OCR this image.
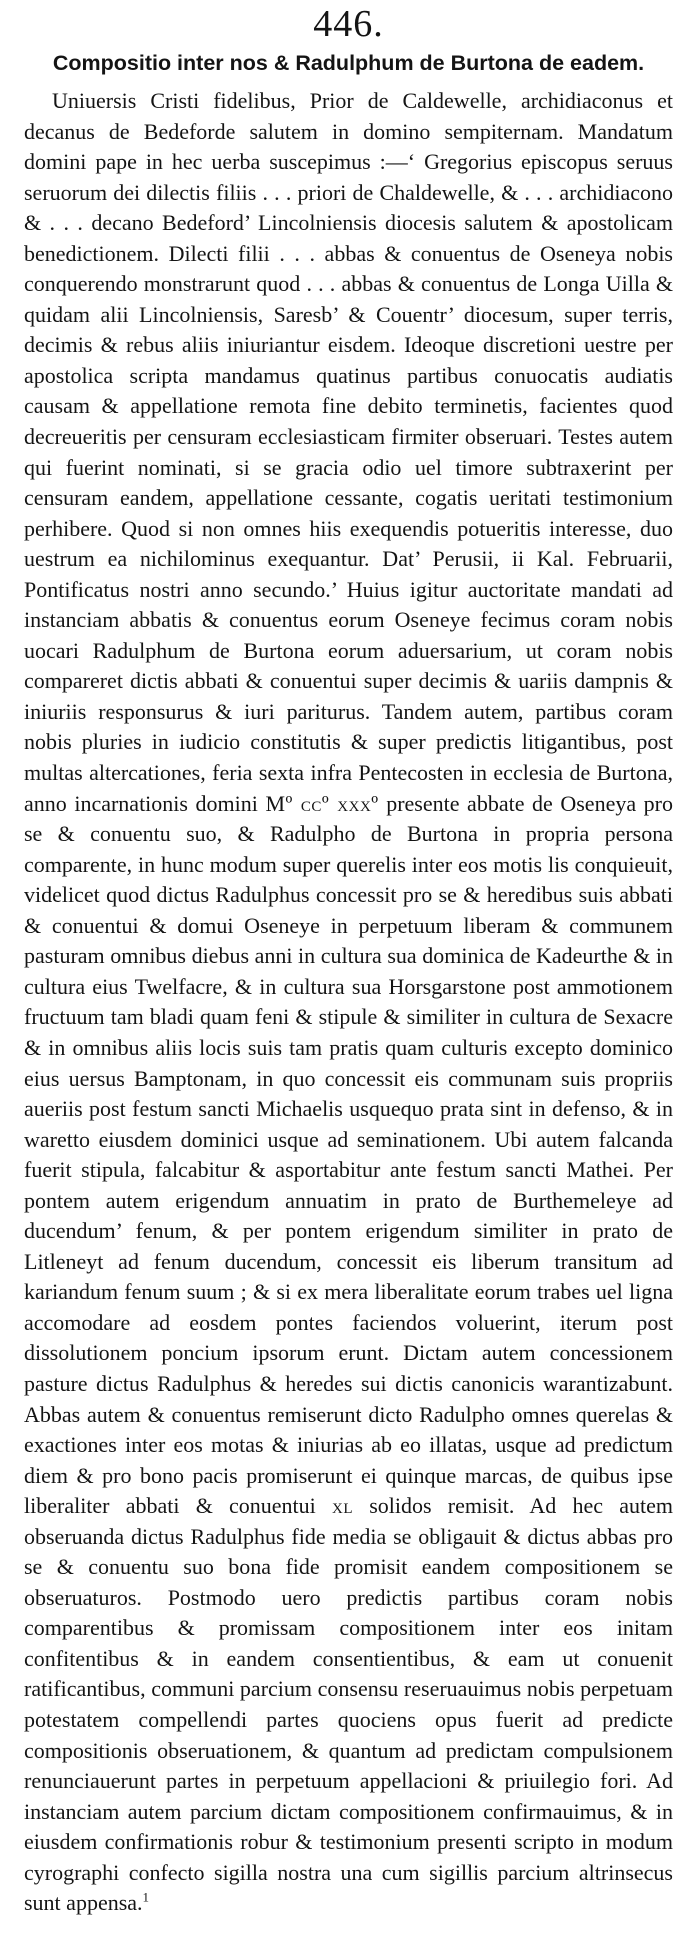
446.
Compositio inter nos & Radulphum de Burtona de eadem.

Uniuersis Cristi fidelibus, Prior de Caldewelle, archidiaconus et decanus de Bedeforde salutem in domino sempiternam. Mandatum domini pape in hec uerba suscepimus :—‘ Gregorius episcopus seruus seruorum dei dilectis filiis . . . priori de Chaldewelle, & . . . archidiacono & . . . decano Bedeford’ Lincolniensis diocesis salutem & apostolicam benedictionem. Dilecti filii . . . abbas & conuentus de Oseneya nobis conquerendo monstrarunt quod . . . abbas & conuentus de Longa Uilla & quidam alii Lincolniensis, Saresb’ & Couentr’ diocesum, super terris, decimis & rebus aliis iniuriantur eisdem. Ideoque discretioni uestre per apostolica scripta mandamus quatinus partibus conuocatis audiatis causam & appellatione remota fine debito terminetis, facientes quod decreueritis per censuram ecclesiasticam firmiter obseruari. Testes autem qui fuerint nominati, si se gracia odio uel timore subtraxerint per censuram eandem, appellatione cessante, cogatis ueritati testimonium perhibere. Quod si non omnes hiis exequendis potueritis interesse, duo uestrum ea nichilominus exequantur. Dat’ Perusii, ii Kal. Februarii, Pontificatus nostri anno secundo.’ Huius igitur auctoritate mandati ad instanciam abbatis & conuentus eorum Oseneye fecimus coram nobis uocari Radulphum de Burtona eorum aduersarium, ut coram nobis compareret dictis abbati & conuentui super decimis & uariis dampnis & iniuriis responsurus & iuri pariturus. Tandem autem, partibus coram nobis pluries in iudicio constitutis & super predictis litigantibus, post multas altercationes, feria sexta infra Pentecosten in ecclesia de Burtona, anno incarnationis domini Mº ccº xxxº presente abbate de Oseneya pro se & conuentu suo, & Radulpho de Burtona in propria persona comparente, in hunc modum super querelis inter eos motis lis conquieuit, videlicet quod dictus Radulphus concessit pro se & heredibus suis abbati & conuentui & domui Oseneye in perpetuum liberam & communem pasturam omnibus diebus anni in cultura sua dominica de Kadeurthe & in cultura eius Twelfacre, & in cultura sua Horsgarstone post ammotionem fructuum tam bladi quam feni & stipule & similiter in cultura de Sexacre & in omnibus aliis locis suis tam pratis quam culturis excepto dominico eius uersus Bamptonam, in quo concessit eis communam suis propriis aueriis post festum sancti Michaelis usquequo prata sint in defenso, & in waretto eiusdem dominici usque ad seminationem. Ubi autem falcanda fuerit stipula, falcabitur & asportabitur ante festum sancti Mathei. Per pontem autem erigendum annuatim in prato de Burthemeleye ad ducendum’ fenum, & per pontem erigendum similiter in prato de Litleneyt ad fenum ducendum, concessit eis liberum transitum ad kariandum fenum suum ; & si ex mera liberalitate eorum trabes uel ligna accomodare ad eosdem pontes faciendos voluerint, iterum post dissolutionem poncium ipsorum erunt. Dictam autem concessionem pasture dictus Radulphus & heredes sui dictis canonicis warantizabunt. Abbas autem & conuentus remiserunt dicto Radulpho omnes querelas & exactiones inter eos motas & iniurias ab eo illatas, usque ad predictum diem & pro bono pacis promiserunt ei quinque marcas, de quibus ipse liberaliter abbati & conuentui xl solidos remisit. Ad hec autem obseruanda dictus Radulphus fide media se obligauit & dictus abbas pro se & conuentu suo bona fide promisit eandem compositionem se obseruaturos. Postmodo uero predictis partibus coram nobis comparentibus & promissam compositionem inter eos initam confitentibus & in eandem consentientibus, & eam ut conuenit ratificantibus, communi parcium consensu reseruauimus nobis perpetuam potestatem compellendi partes quociens opus fuerit ad predicte compositionis obseruationem, & quantum ad predictam compulsionem renunciauerunt partes in perpetuum appellacioni & priuilegio fori. Ad instanciam autem parcium dictam compositionem confirmauimus, & in eiusdem confirmationis robur & testimonium presenti scripto in modum cyrographi confecto sigilla nostra una cum sigillis parcium altrinsecus sunt appensa.$^1$
